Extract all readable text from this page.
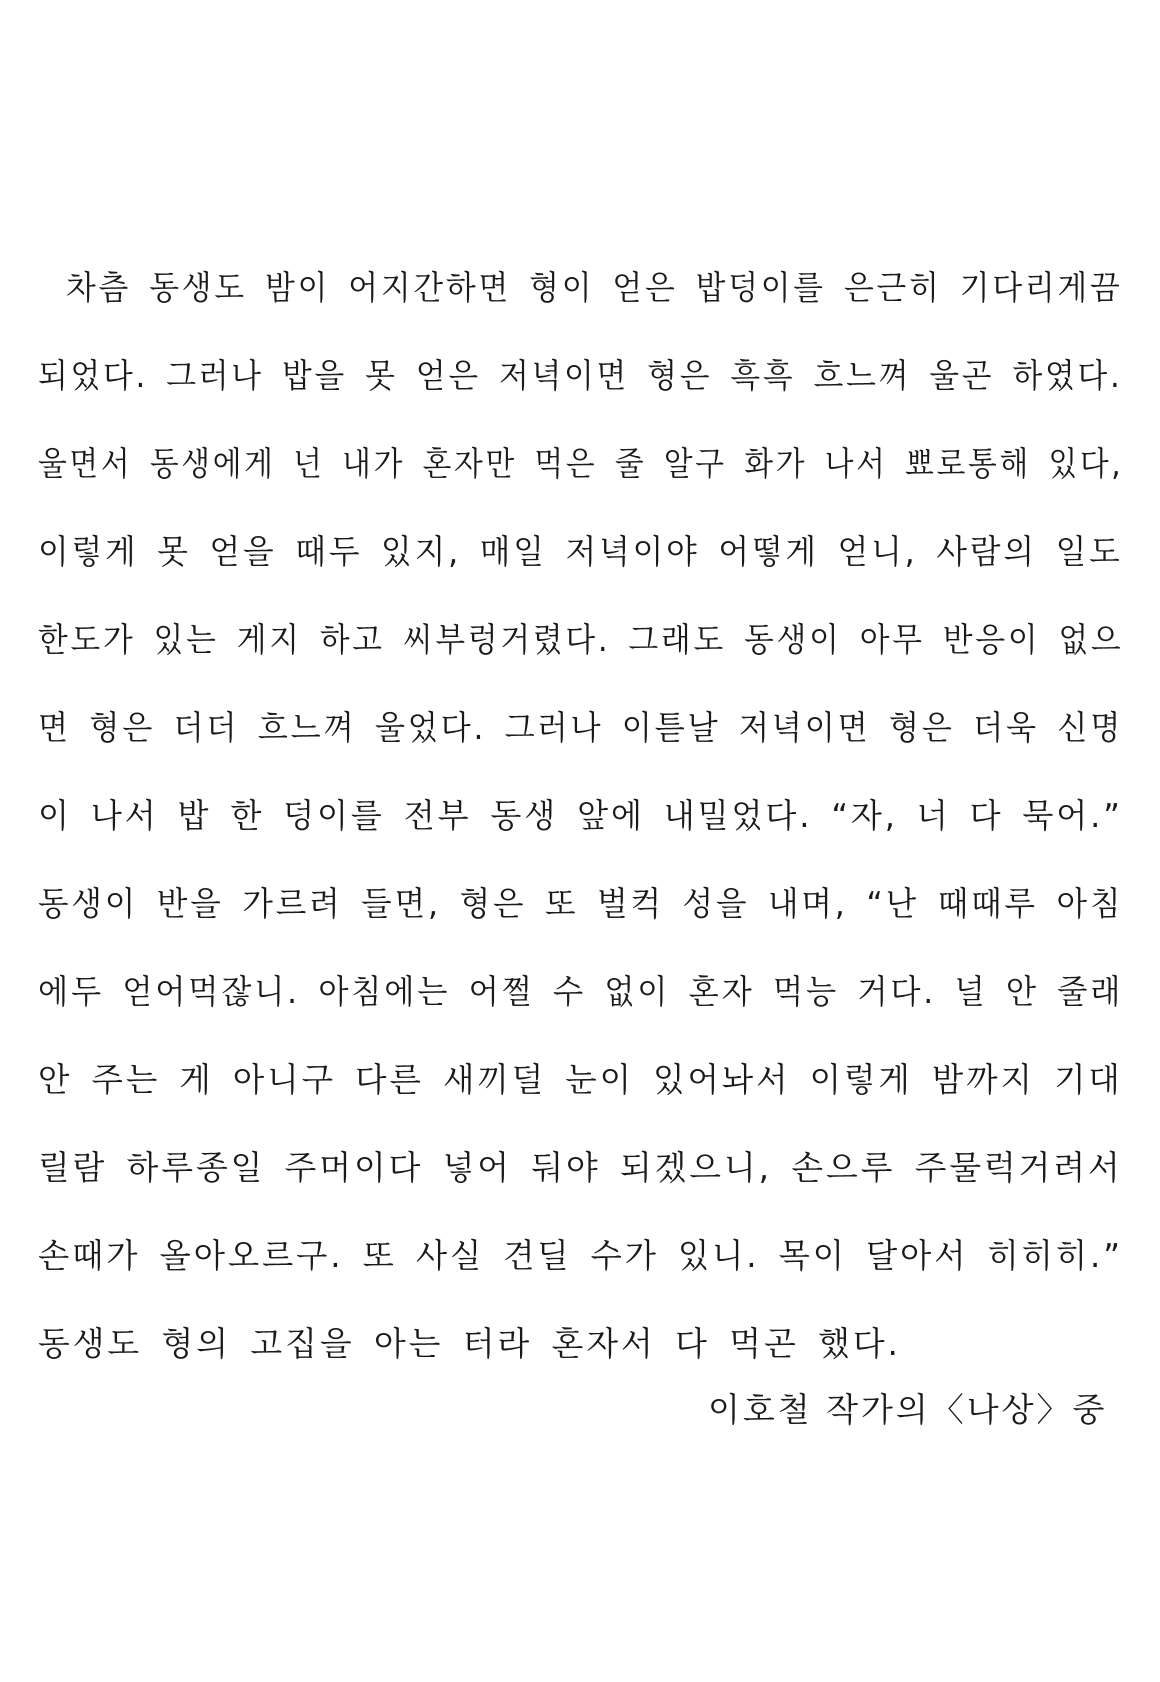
차츰 동생도 밤이 어지간하면 형이 얻은 밥덩이를 은근히 기다리게끔
되었다. 그러나 밥을 못 얻은 저녁이면 형은 흑흑 흐느껴 울곤 하였다.
울면서 동생에게 넌 내가 혼자만 먹은 줄 알구 화가 나서 뾰로통해 있다,
이렇게 못 얻을 때두 있지, 매일 저녁이야 어떻게 얻니, 사람의 일도
한도가 있는 게지 하고 씨부렁거렸다. 그래도 동생이 아무 반응이 없으
면 형은 더더 흐느껴 울었다. 그러나 이튿날 저녁이면 형은 더욱 신명
이 나서 밥 한 덩이를 전부 동생 앞에 내밀었다. “자, 너 다 묵어.”
동생이 반을 가르려 들면, 형은 또 벌컥 성을 내며, “난 때때루 아침
에두 얻어먹잖니. 아침에는 어쩔 수 없이 혼자 먹능 거다. 널 안 줄래
안 주는 게 아니구 다른 새끼덜 눈이 있어놔서 이렇게 밤까지 기대
릴람 하루종일 주머이다 넣어 둬야 되겠으니, 손으루 주물럭거려서
손때가 올아오르구. 또 사실 견딜 수가 있니. 목이 달아서 히히히.”
동생도 형의 고집을 아는 터라 혼자서 다 먹곤 했다.
이호철 작가의〈나상〉중
